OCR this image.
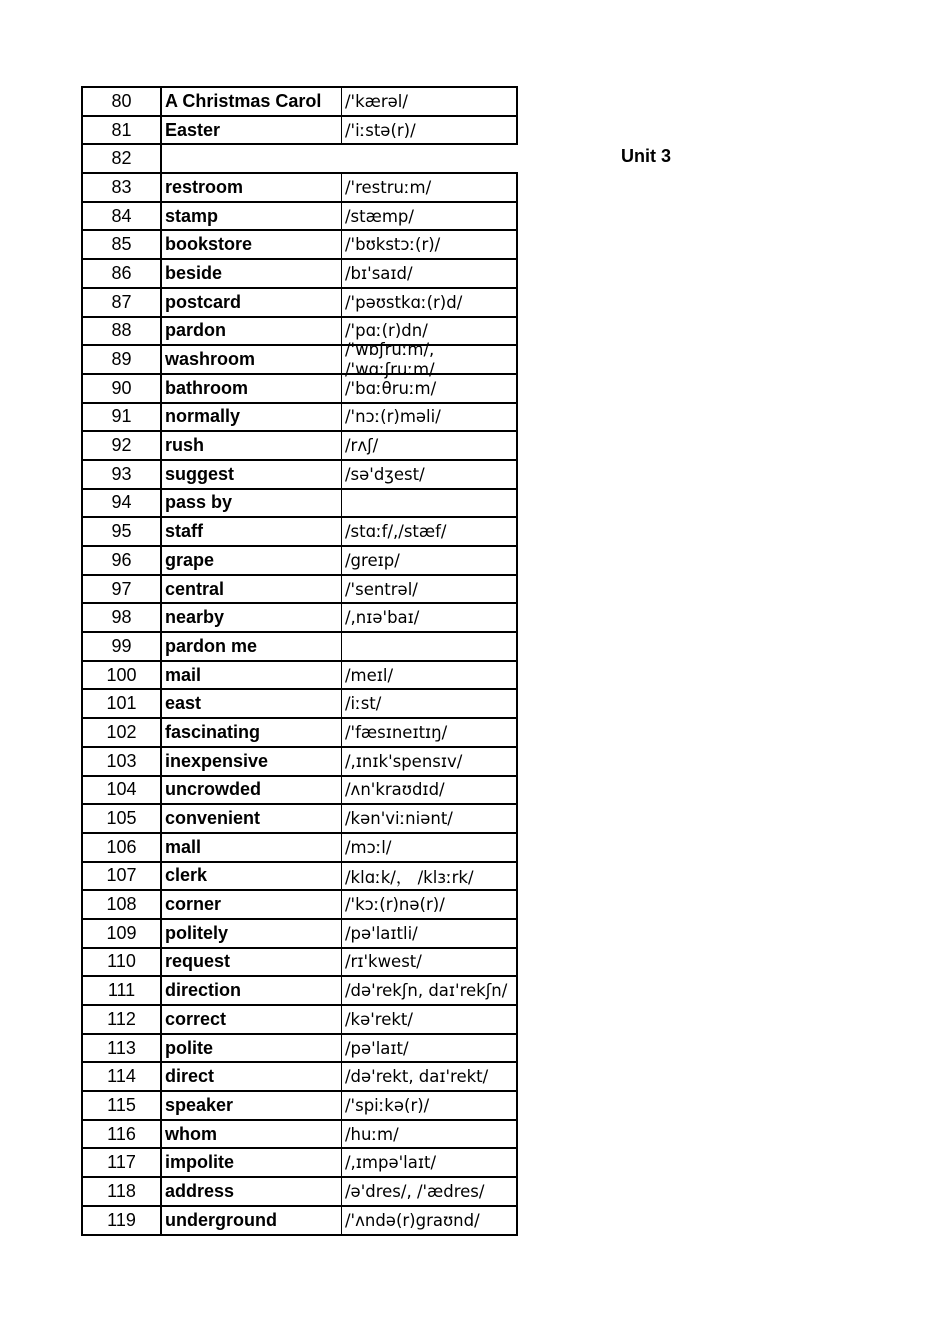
80	A Christmas Carol	/'kærəl/
81	Easter	/'iːstə(r)/
82
83	restroom	/'restruːm/
84	stamp	/stæmp/
85	bookstore	/'bʊkstɔː(r)/
86	beside	/bɪ'saɪd/
87	postcard	/'pəʊstkɑː(r)d/
88	pardon	/'pɑː(r)dn/
89	washroom	/'wɒʃruːm/,
/'wɑːʃruːm/
90	bathroom	/'bɑːθruːm/
91	normally	/'nɔː(r)məli/
92	rush	/rʌʃ/
93	suggest	/sə'dʒest/
94	pass by
95	staff	/stɑːf/,/stæf/
96	grape	/greɪp/
97	central	/'sentrəl/
98	nearby	/,nɪə'baɪ/
99	pardon me
100	mail	/meɪl/
101	east	/iːst/
102	fascinating	/'fæsɪneɪtɪŋ/
103	inexpensive	/,ɪnɪk'spensɪv/
104	uncrowded	/ʌn'kraʊdɪd/
105	convenient	/kən'viːniənt/
106	mall	/mɔːl/
107	clerk	/klɑːk/， /klɜːrk/
108	corner	/'kɔː(r)nə(r)/
109	politely	/pə'laɪtli/
110	request	/rɪ'kwest/
111	direction	/də'rekʃn, daɪ'rekʃn/
112	correct	/kə'rekt/
113	polite	/pə'laɪt/
114	direct	/də'rekt, daɪ'rekt/
115	speaker	/'spiːkə(r)/
116	whom	/huːm/
117	impolite	/,ɪmpə'laɪt/
118	address	/ə'dres/, /'ædres/
119	underground	/'ʌndə(r)graʊnd/
Unit 3
